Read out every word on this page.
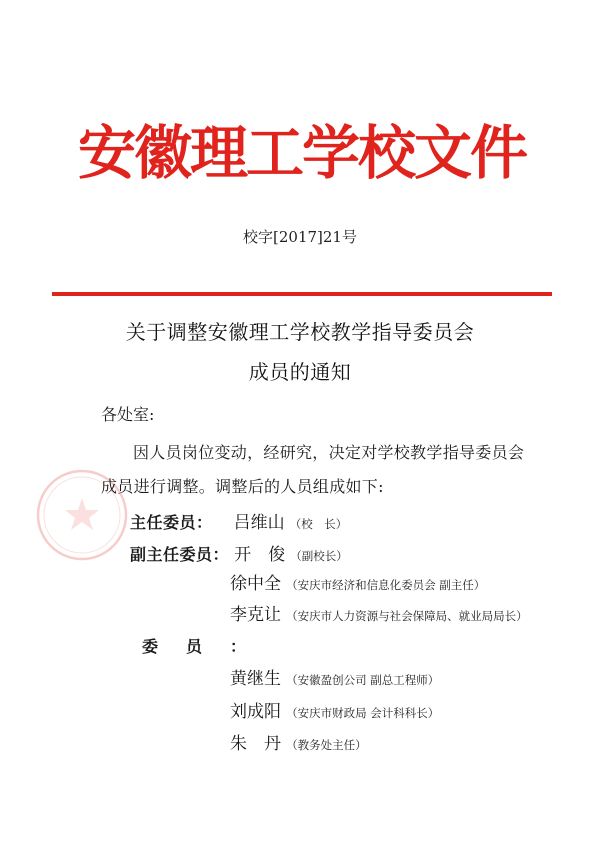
安徽理工学校文件
校字[2017]21号
关于调整安徽理工学校教学指导委员会
成员的通知
各处室:
因人员岗位变动，经研究，决定对学校教学指导委员会
成员进行调整。调整后的人员组成如下:
主任委员： 吕维山 （校　长）
副主任委员： 开　俊 （副校长）
徐中全 （安庆市经济和信息化委员会 副主任）
李克让 （安庆市人力资源与社会保障局、就业局局长）
委员：
黄继生 （安徽盈创公司 副总工程师）
刘成阳 （安庆市财政局 会计科科长）
朱　丹 （教务处主任）
